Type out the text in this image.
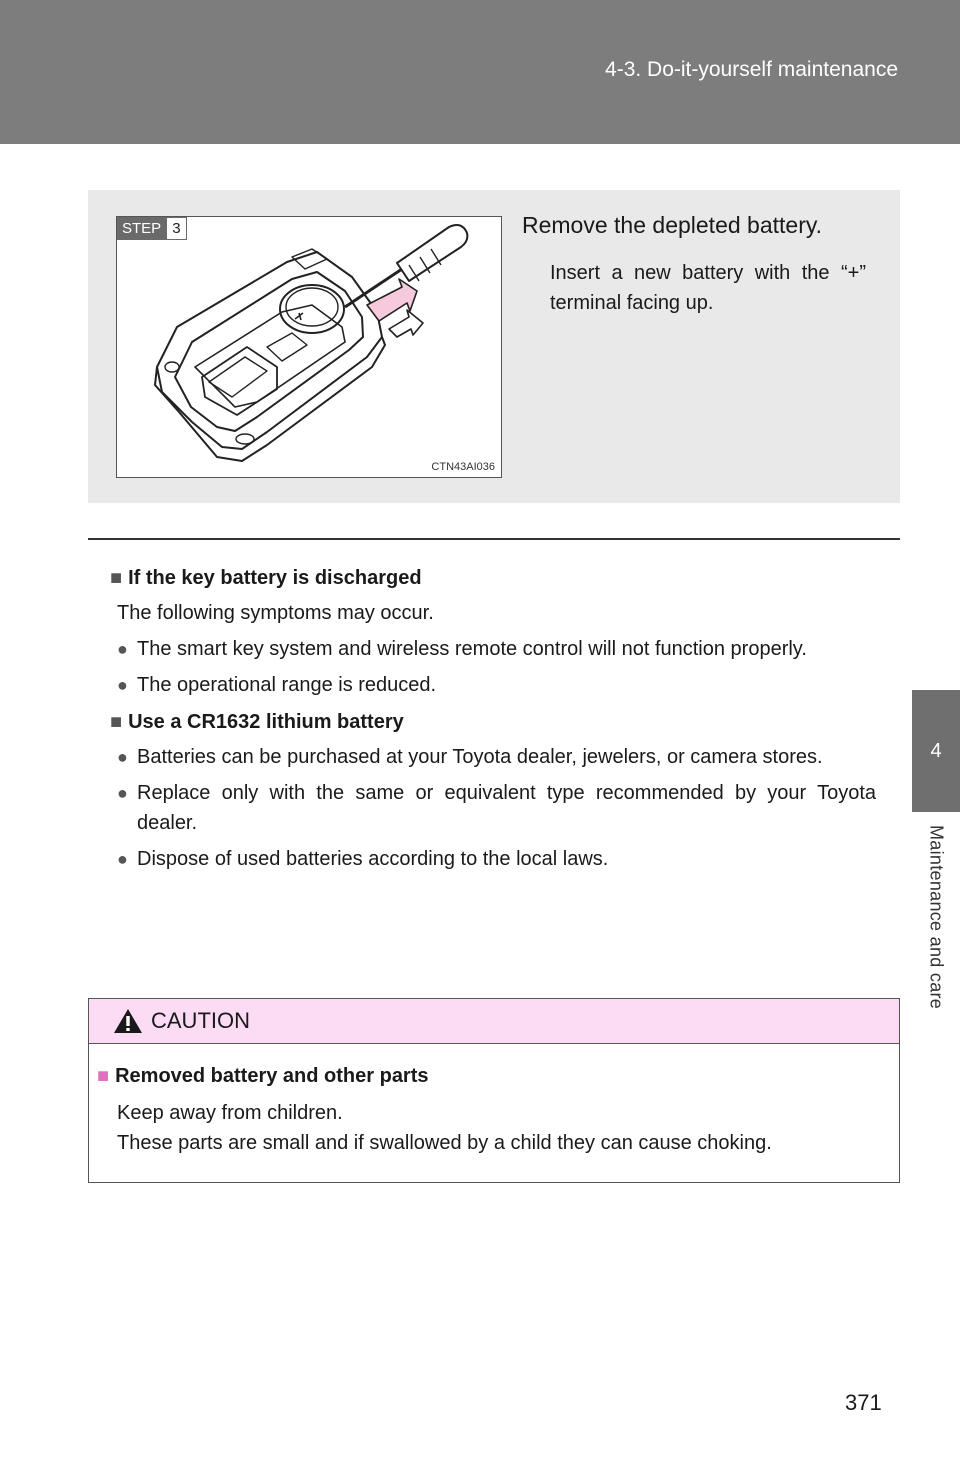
4-3. Do-it-yourself maintenance
4
Maintenance and care
STEP 3
CTN43AI036
Remove the depleted battery.
Insert a new battery with the “+” terminal facing up.

■ If the key battery is discharged

The following symptoms may occur.
● The smart key system and wireless remote control will not function properly.
● The operational range is reduced.

■ Use a CR1632 lithium battery

● Batteries can be purchased at your Toyota dealer, jewelers, or camera stores.
● Replace only with the same or equivalent type recommended by your Toyota dealer.
● Dispose of used batteries according to the local laws.
CAUTION

■ Removed battery and other parts

Keep away from children.
These parts are small and if swallowed by a child they can cause choking.
371
